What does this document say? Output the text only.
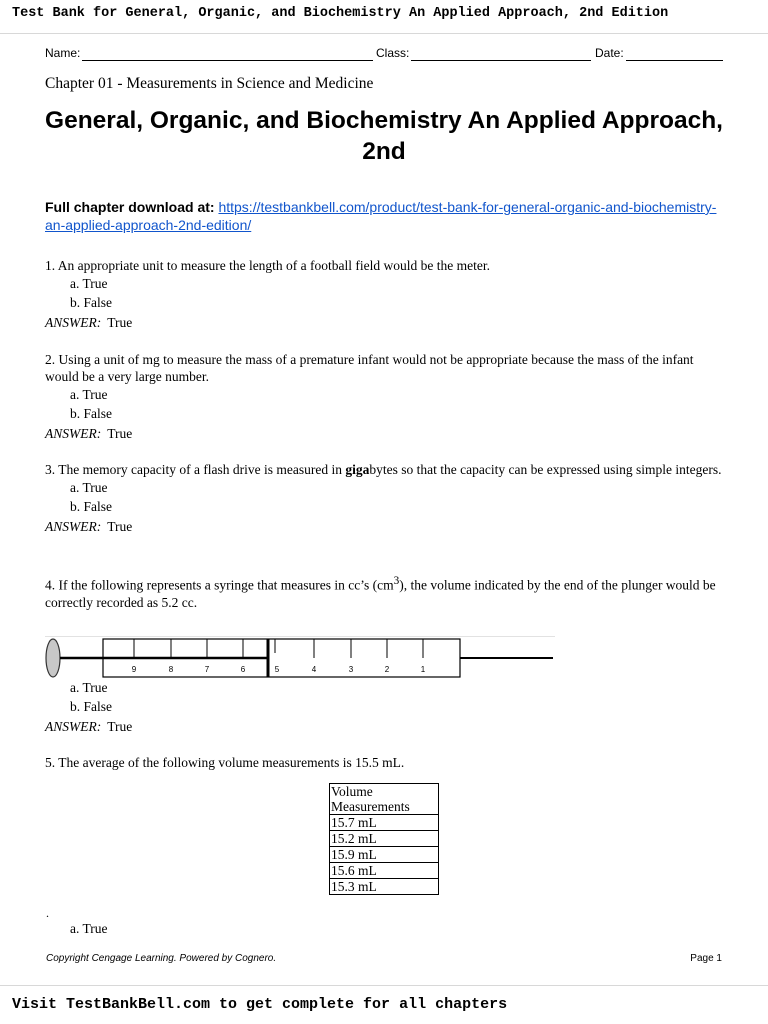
Test Bank for General, Organic, and Biochemistry An Applied Approach, 2nd Edition
Name:	Class:	Date:
Chapter 01 - Measurements in Science and Medicine
General, Organic, and Biochemistry An Applied Approach, 2nd
Full chapter download at: https://testbankbell.com/product/test-bank-for-general-organic-and-biochemistry-an-applied-approach-2nd-edition/
1. An appropriate unit to measure the length of a football field would be the meter.
a. True
b. False
ANSWER: True
2. Using a unit of mg to measure the mass of a premature infant would not be appropriate because the mass of the infant would be a very large number.
a. True
b. False
ANSWER: True
3. The memory capacity of a flash drive is measured in gigabytes so that the capacity can be expressed using simple integers.
a. True
b. False
ANSWER: True
4. If the following represents a syringe that measures in cc’s $(cm^3)$, the volume indicated by the end of the plunger would be correctly recorded as 5.2 cc.
9	8	7	6	5	4	3	2	1
a. True
b. False
ANSWER: True
5. The average of the following volume measurements is 15.5 mL.
Volume Measurements
15.7 mL
15.2 mL
15.9 mL
15.6 mL
15.3 mL
.
a. True
Copyright Cengage Learning. Powered by Cognero.	Page 1
Visit TestBankBell.com to get complete for all chapters
